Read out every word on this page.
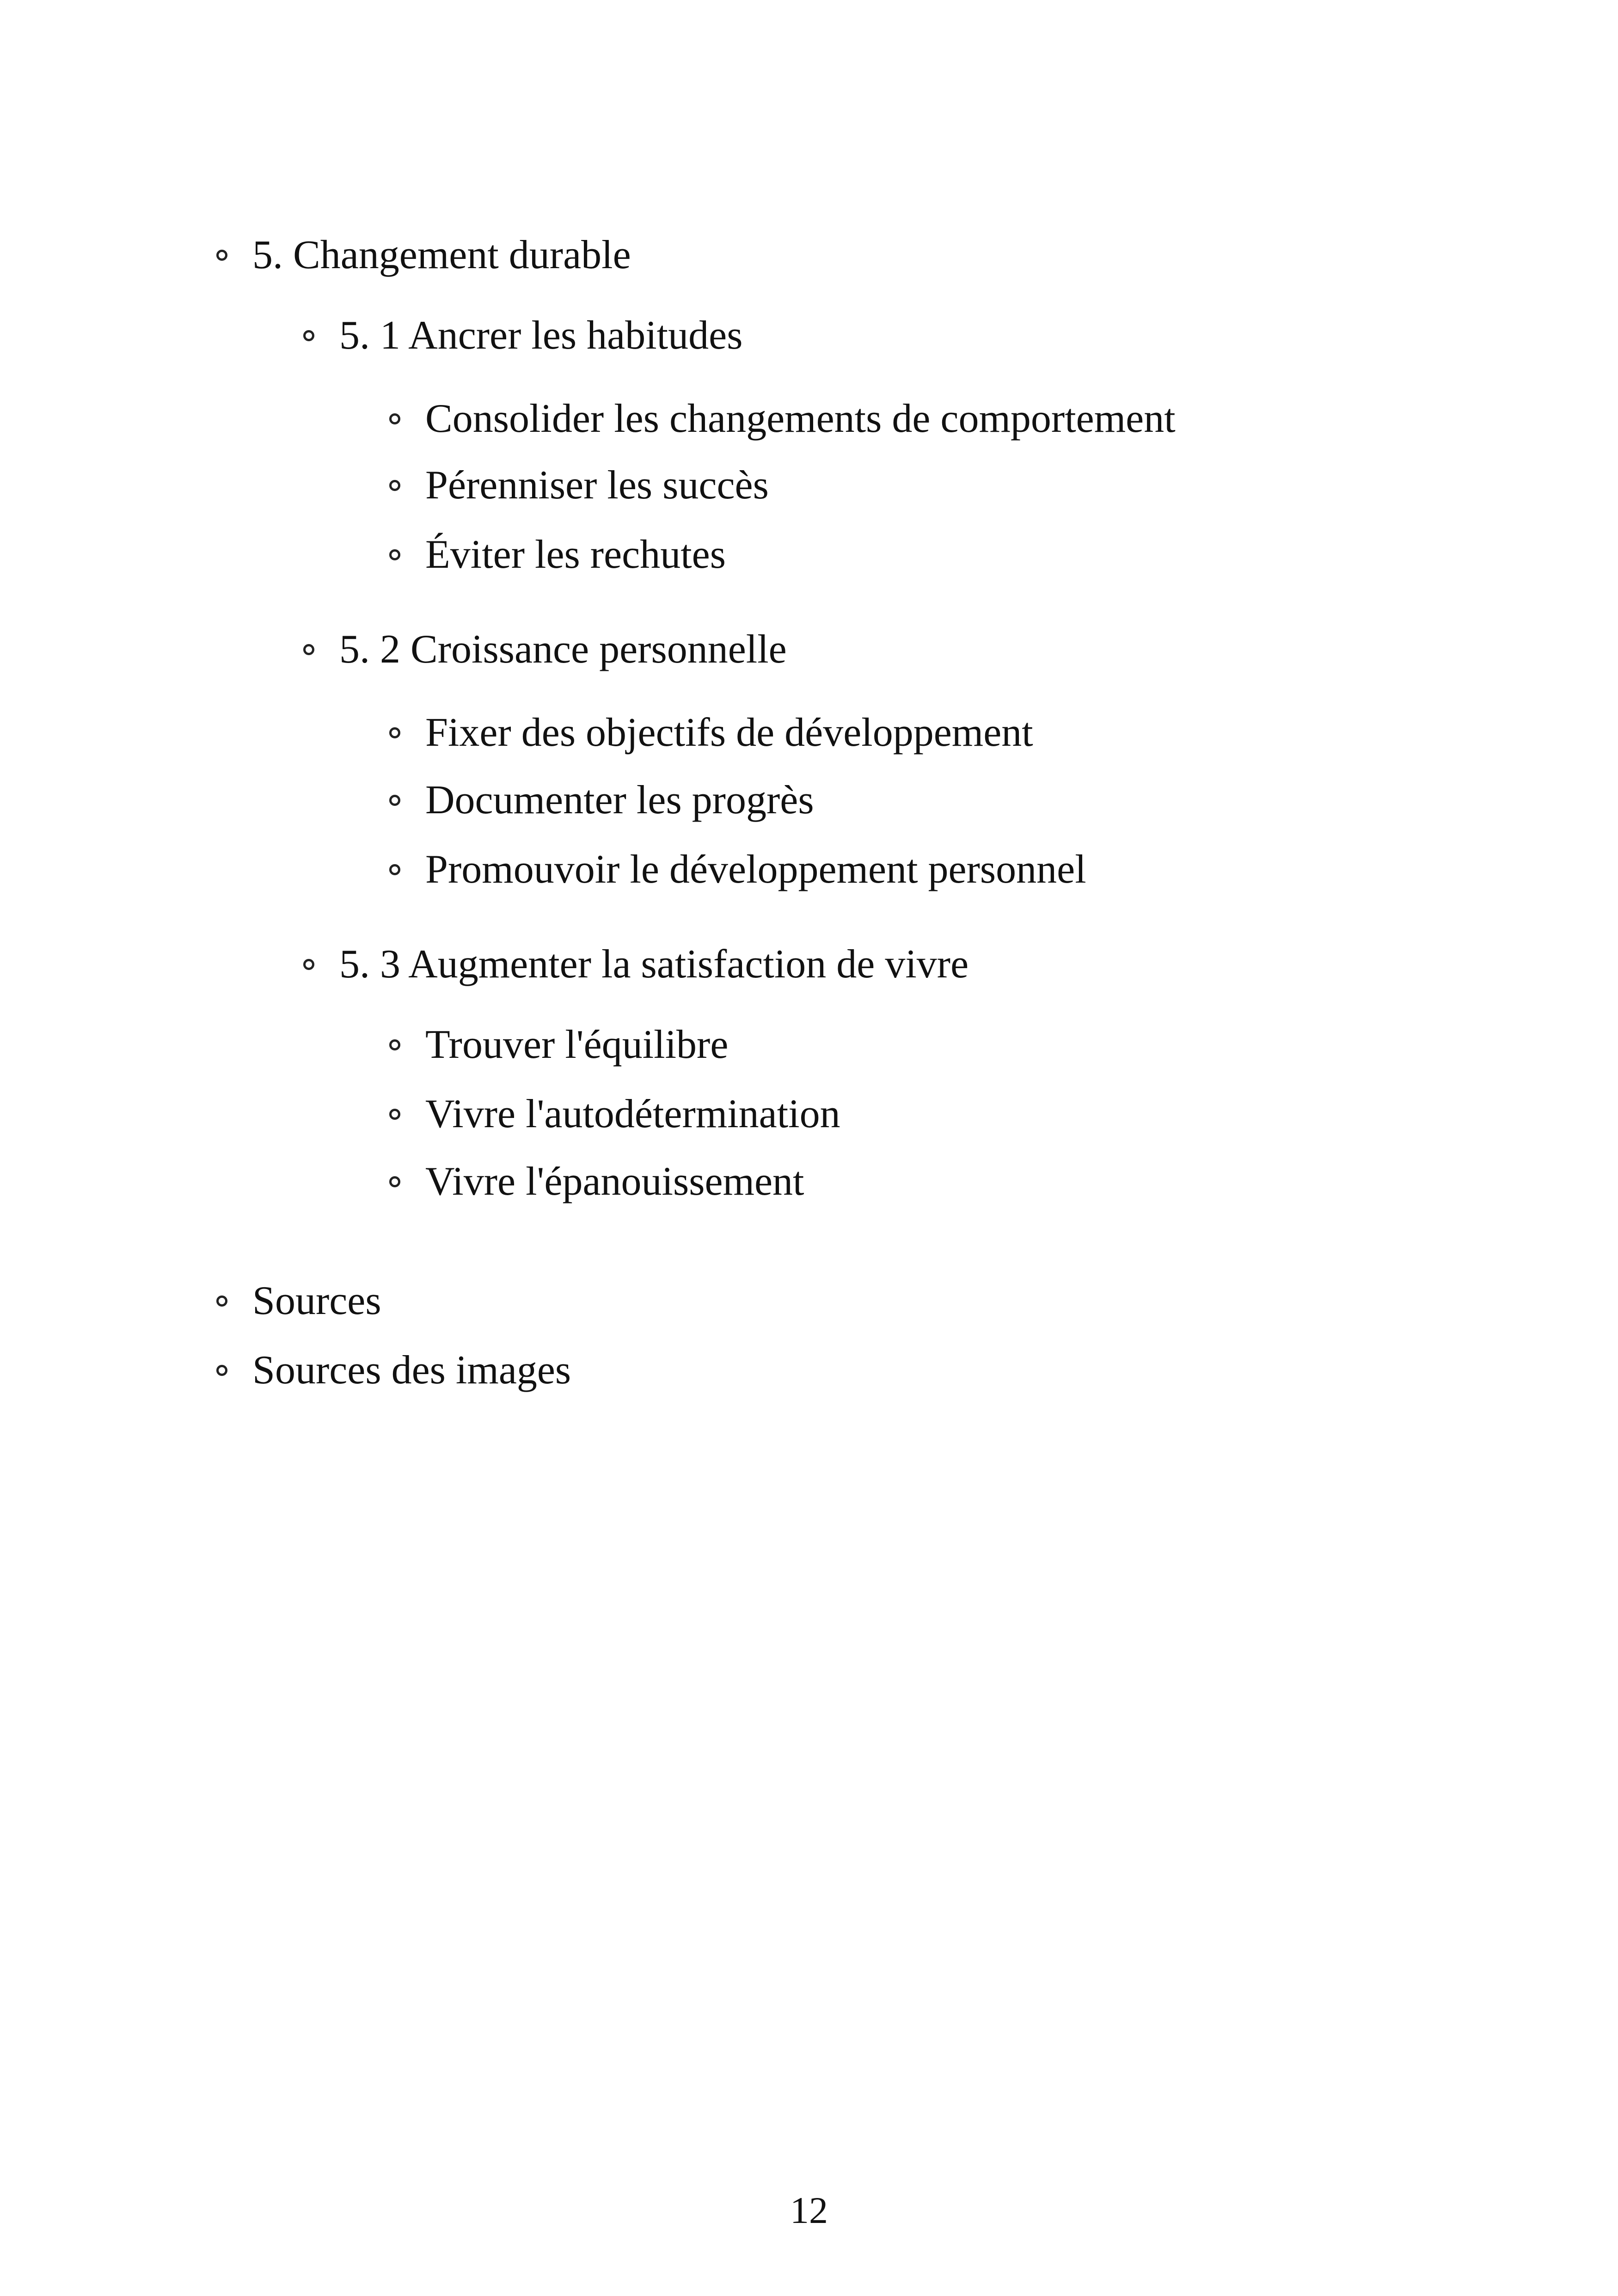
5. Changement durable
5. 1 Ancrer les habitudes
Consolider les changements de comportement
Pérenniser les succès
Éviter les rechutes
5. 2 Croissance personnelle
Fixer des objectifs de développement
Documenter les progrès
Promouvoir le développement personnel
5. 3 Augmenter la satisfaction de vivre
Trouver l'équilibre
Vivre l'autodétermination
Vivre l'épanouissement
Sources
Sources des images
12
